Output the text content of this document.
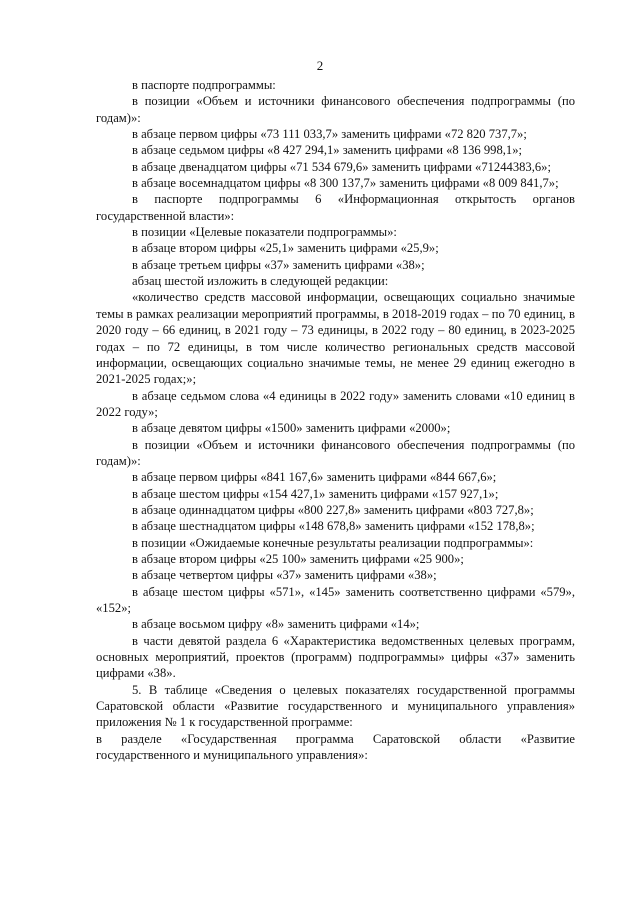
2

в паспорте подпрограммы:

в позиции «Объем и источники финансового обеспечения подпрограммы (по годам)»:

в абзаце первом цифры «73 111 033,7» заменить цифрами «72 820 737,7»;

в абзаце седьмом цифры «8 427 294,1» заменить цифрами «8 136 998,1»;

в абзаце двенадцатом цифры «71 534 679,6» заменить цифрами «71244383,6»;

в абзаце восемнадцатом цифры «8 300 137,7» заменить цифрами «8 009 841,7»;

в паспорте подпрограммы 6 «Информационная открытость органов государственной власти»:

в позиции «Целевые показатели подпрограммы»:

в абзаце втором цифры «25,1» заменить цифрами «25,9»;

в абзаце третьем цифры «37» заменить цифрами «38»;

абзац шестой изложить в следующей редакции:

«количество средств массовой информации, освещающих социально значимые темы в рамках реализации мероприятий программы, в 2018-2019 годах – по 70 единиц, в 2020 году – 66 единиц, в 2021 году – 73 единицы, в 2022 году – 80 единиц, в 2023-2025 годах – по 72 единицы, в том числе количество региональных средств массовой информации, освещающих социально значимые темы, не менее 29 единиц ежегодно в 2021-2025 годах;»;

в абзаце седьмом слова «4 единицы в 2022 году» заменить словами «10 единиц в 2022 году»;

в абзаце девятом цифры «1500» заменить цифрами «2000»;

в позиции «Объем и источники финансового обеспечения подпрограммы (по годам)»:

в абзаце первом цифры «841 167,6» заменить цифрами «844 667,6»;

в абзаце шестом цифры «154 427,1» заменить цифрами «157 927,1»;

в абзаце одиннадцатом цифры «800 227,8» заменить цифрами «803 727,8»;

в абзаце шестнадцатом цифры «148 678,8» заменить цифрами «152 178,8»;

в позиции «Ожидаемые конечные результаты реализации подпрограммы»:

в абзаце втором цифры «25 100» заменить цифрами «25 900»;

в абзаце четвертом цифры «37» заменить цифрами «38»;

в абзаце шестом цифры «571», «145» заменить соответственно цифрами «579», «152»;

в абзаце восьмом цифру «8» заменить цифрами «14»;

в части девятой раздела 6 «Характеристика ведомственных целевых программ, основных мероприятий, проектов (программ) подпрограммы» цифры «37» заменить цифрами «38».

5. В таблице «Сведения о целевых показателях государственной программы Саратовской области «Развитие государственного и муниципального управления» приложения № 1 к государственной программе:

в разделе «Государственная программа Саратовской области «Развитие государственного и муниципального управления»:
